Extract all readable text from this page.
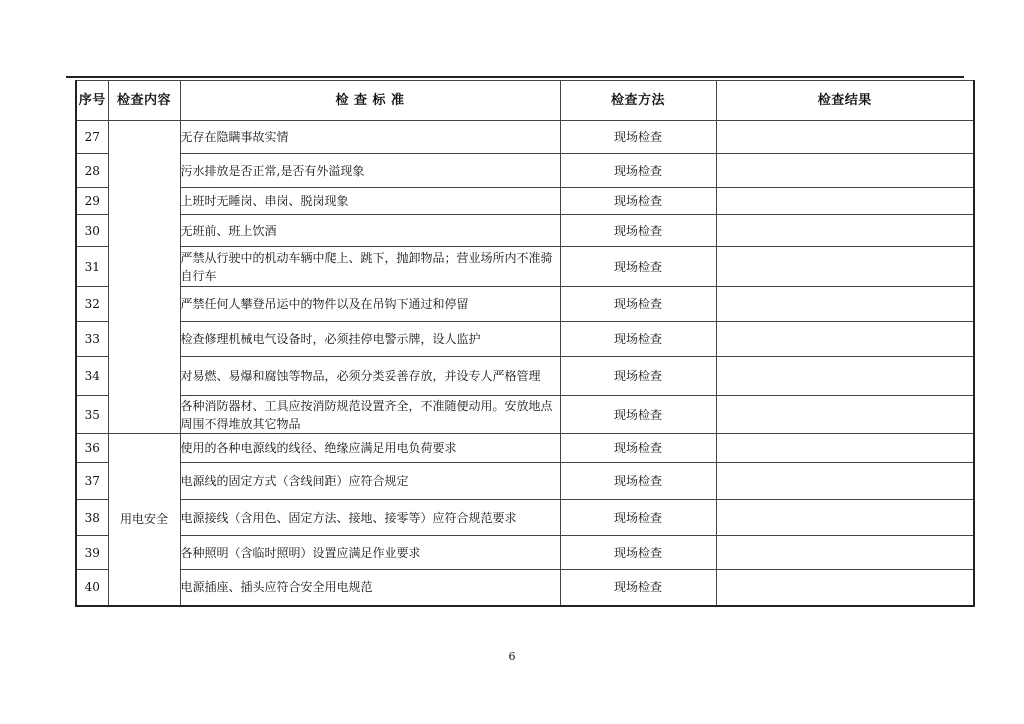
序号	检查内容	检 查 标 准	检查方法	检查结果
27		无存在隐瞒事故实情	现场检查	
28		污水排放是否正常,是否有外溢现象	现场检查	
29		上班时无睡岗、串岗、脱岗现象	现场检查	
30		无班前、班上饮酒	现场检查	
31		严禁从行驶中的机动车辆中爬上、跳下，抛卸物品；营业场所内不准骑自行车	现场检查	
32		严禁任何人攀登吊运中的物件以及在吊钩下通过和停留	现场检查	
33		检查修理机械电气设备时，必须挂停电警示牌，设人监护	现场检查	
34		对易燃、易爆和腐蚀等物品，必须分类妥善存放，并设专人严格管理	现场检查	
35		各种消防器材、工具应按消防规范设置齐全，不准随便动用。安放地点周围不得堆放其它物品	现场检查	
36	用电安全	使用的各种电源线的线径、绝缘应满足用电负荷要求	现场检查	
37		电源线的固定方式（含线间距）应符合规定	现场检查	
38		电源接线（含用色、固定方法、接地、接零等）应符合规范要求	现场检查	
39		各种照明（含临时照明）设置应满足作业要求	现场检查	
40		电源插座、插头应符合安全用电规范	现场检查	
6
